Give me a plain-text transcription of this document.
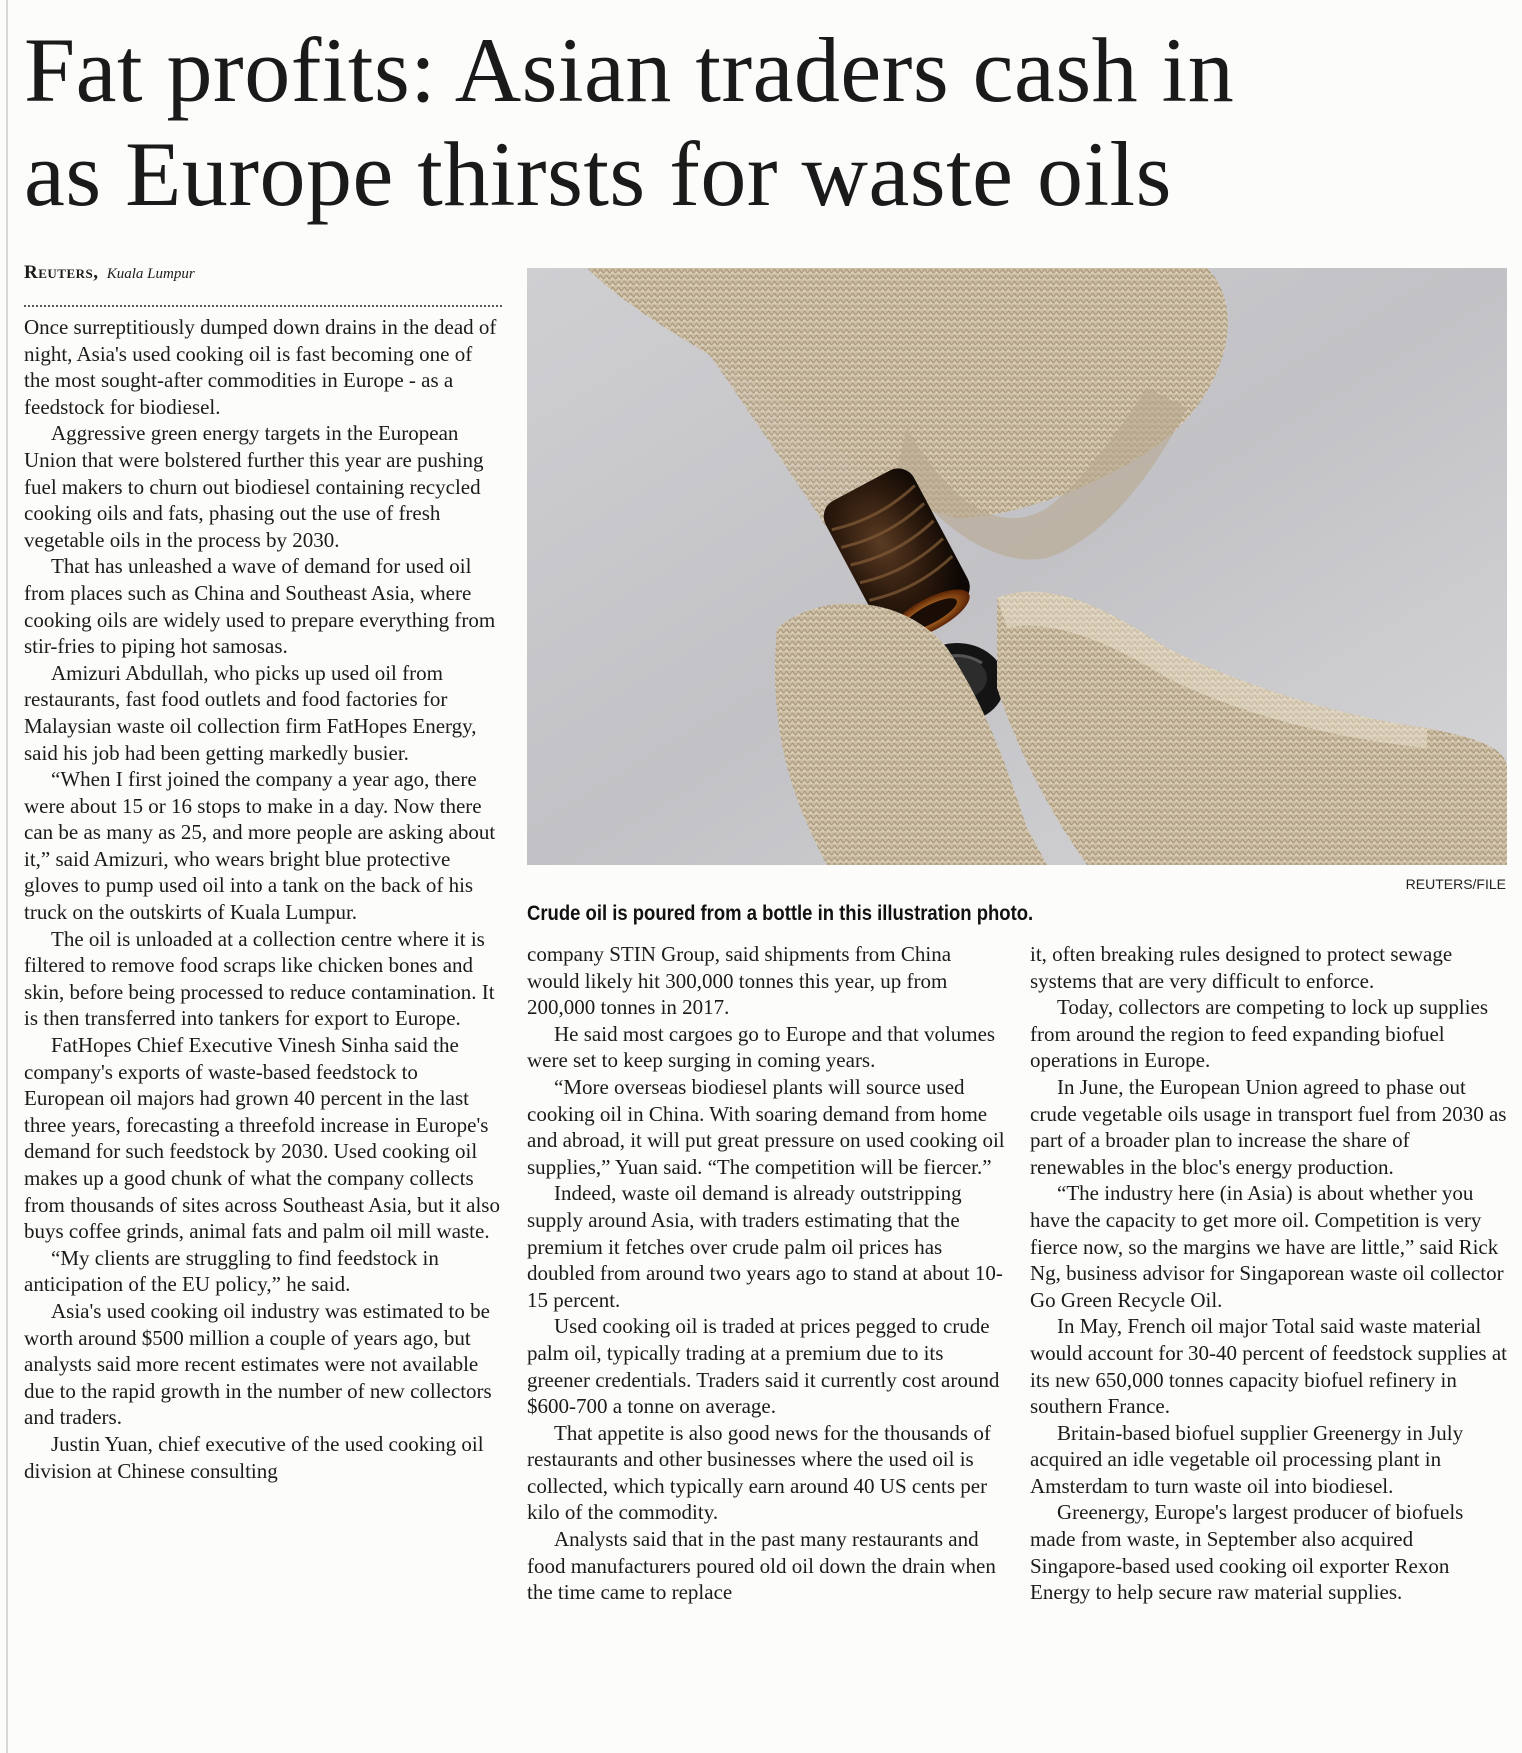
Fat profits: Asian traders cash in
as Europe thirsts for waste oils
Reuters, Kuala Lumpur

Once surreptitiously dumped down drains in the dead of night, Asia's used cooking oil is fast becoming one of the most sought-after commodities in Europe - as a feedstock for biodiesel.

Aggressive green energy targets in the European Union that were bolstered further this year are pushing fuel makers to churn out biodiesel containing recycled cooking oils and fats, phasing out the use of fresh vegetable oils in the process by 2030.

That has unleashed a wave of demand for used oil from places such as China and Southeast Asia, where cooking oils are widely used to prepare everything from stir-fries to piping hot samosas.

Amizuri Abdullah, who picks up used oil from restaurants, fast food outlets and food factories for Malaysian waste oil collection firm FatHopes Energy, said his job had been getting markedly busier.

“When I first joined the company a year ago, there were about 15 or 16 stops to make in a day. Now there can be as many as 25, and more people are asking about it,” said Amizuri, who wears bright blue protective gloves to pump used oil into a tank on the back of his truck on the outskirts of Kuala Lumpur.

The oil is unloaded at a collection centre where it is filtered to remove food scraps like chicken bones and skin, before being processed to reduce contamination. It is then transferred into tankers for export to Europe.

FatHopes Chief Executive Vinesh Sinha said the company's exports of waste-based feedstock to European oil majors had grown 40 percent in the last three years, forecasting a threefold increase in Europe's demand for such feedstock by 2030. Used cooking oil makes up a good chunk of what the company collects from thousands of sites across Southeast Asia, but it also buys coffee grinds, animal fats and palm oil mill waste.

“My clients are struggling to find feedstock in anticipation of the EU policy,” he said.

Asia's used cooking oil industry was estimated to be worth around $500 million a couple of years ago, but analysts said more recent estimates were not available due to the rapid growth in the number of new collectors and traders.

Justin Yuan, chief executive of the used cooking oil division at Chinese consulting

REUTERS/FILE
Crude oil is poured from a bottle in this illustration photo.

company STIN Group, said shipments from China would likely hit 300,000 tonnes this year, up from 200,000 tonnes in 2017.

He said most cargoes go to Europe and that volumes were set to keep surging in coming years.

“More overseas biodiesel plants will source used cooking oil in China. With soaring demand from home and abroad, it will put great pressure on used cooking oil supplies,” Yuan said. “The competition will be fiercer.”

Indeed, waste oil demand is already outstripping supply around Asia, with traders estimating that the premium it fetches over crude palm oil prices has doubled from around two years ago to stand at about 10-15 percent.

Used cooking oil is traded at prices pegged to crude palm oil, typically trading at a premium due to its greener credentials. Traders said it currently cost around $600-700 a tonne on average.

That appetite is also good news for the thousands of restaurants and other businesses where the used oil is collected, which typically earn around 40 US cents per kilo of the commodity.

Analysts said that in the past many restaurants and food manufacturers poured old oil down the drain when the time came to replace

it, often breaking rules designed to protect sewage systems that are very difficult to enforce.

Today, collectors are competing to lock up supplies from around the region to feed expanding biofuel operations in Europe.

In June, the European Union agreed to phase out crude vegetable oils usage in transport fuel from 2030 as part of a broader plan to increase the share of renewables in the bloc's energy production.

“The industry here (in Asia) is about whether you have the capacity to get more oil. Competition is very fierce now, so the margins we have are little,” said Rick Ng, business advisor for Singaporean waste oil collector Go Green Recycle Oil.

In May, French oil major Total said waste material would account for 30-40 percent of feedstock supplies at its new 650,000 tonnes capacity biofuel refinery in southern France.

Britain-based biofuel supplier Greenergy in July acquired an idle vegetable oil processing plant in Amsterdam to turn waste oil into biodiesel.

Greenergy, Europe's largest producer of biofuels made from waste, in September also acquired Singapore-based used cooking oil exporter Rexon Energy to help secure raw material supplies.
